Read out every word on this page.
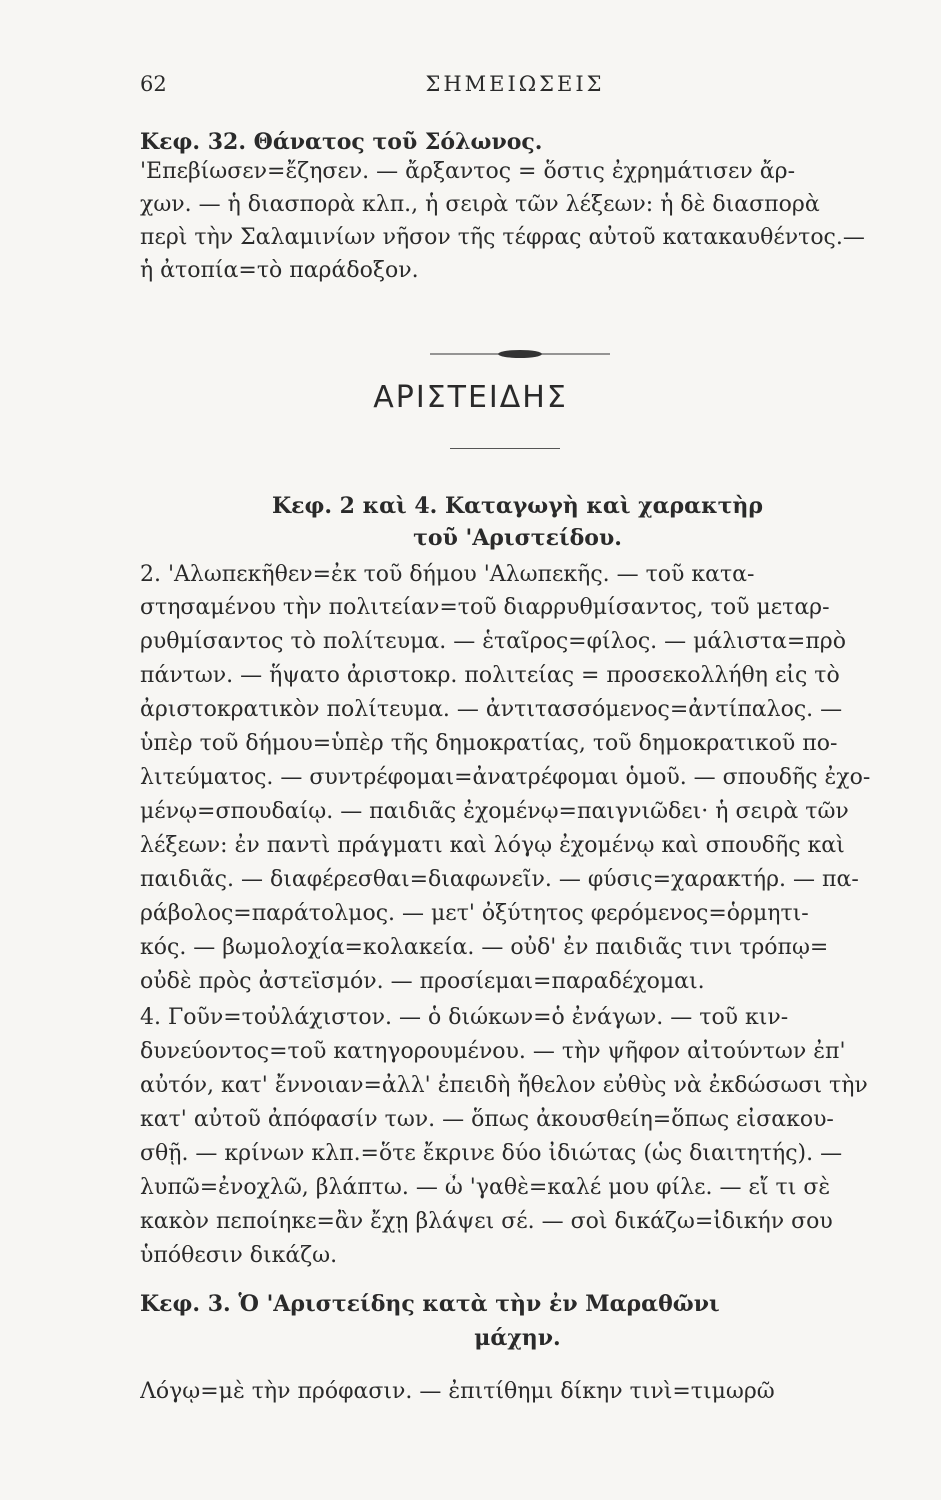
62	ΣΗΜΕΙΩΣΕΙΣ
Κεφ. 32. Θάνατος τοῦ Σόλωνος.
'Επεβίωσεν=ἔζησεν. — ἄρξαντος = ὅστις ἐχρημάτισεν ἄρ-
χων. — ἡ διασπορὰ κλπ., ἡ σειρὰ τῶν λέξεων: ἡ δὲ διασπορὰ
περὶ τὴν Σαλαμινίων νῆσον τῆς τέφρας αὐτοῦ κατακαυθέντος.—
ἡ ἀτοπία=τὸ παράδοξον.
ΑΡΙΣΤΕΙΔΗΣ
Κεφ. 2 καὶ 4. Καταγωγὴ καὶ χαρακτὴρ
τοῦ 'Αριστείδου.
2. 'Αλωπεκῆθεν=ἐκ τοῦ δήμου 'Αλωπεκῆς. — τοῦ κατα-
στησαμένου τὴν πολιτείαν=τοῦ διαρρυθμίσαντος, τοῦ μεταρ-
ρυθμίσαντος τὸ πολίτευμα. — ἑταῖρος=φίλος. — μάλιστα=πρὸ
πάντων. — ἥψατο ἀριστοκρ. πολιτείας = προσεκολλήθη εἰς τὸ
ἀριστοκρατικὸν πολίτευμα. — ἀντιτασσόμενος=ἀντίπαλος. —
ὑπὲρ τοῦ δήμου=ὑπὲρ τῆς δημοκρατίας, τοῦ δημοκρατικοῦ πο-
λιτεύματος. — συντρέφομαι=ἀνατρέφομαι ὁμοῦ. — σπουδῆς ἐχο-
μένῳ=σπουδαίῳ. — παιδιᾶς ἐχομένῳ=παιγνιῶδει· ἡ σειρὰ τῶν
λέξεων: ἐν παντὶ πράγματι καὶ λόγῳ ἐχομένῳ καὶ σπουδῆς καὶ
παιδιᾶς. — διαφέρεσθαι=διαφωνεῖν. — φύσις=χαρακτήρ. — πα-
ράβολος=παράτολμος. — μετ' ὀξύτητος φερόμενος=ὁρμητι-
κός. — βωμολοχία=κολακεία. — οὐδ' ἐν παιδιᾶς τινι τρόπῳ=
οὐδὲ πρὸς ἀστεϊσμόν. — προσίεμαι=παραδέχομαι.
4. Γοῦν=τοὐλάχιστον. — ὁ διώκων=ὁ ἐνάγων. — τοῦ κιν-
δυνεύοντος=τοῦ κατηγορουμένου. — τὴν ψῆφον αἰτούντων ἐπ'
αὐτόν, κατ' ἔννοιαν=ἀλλ' ἐπειδὴ ἤθελον εὐθὺς νὰ ἐκδώσωσι τὴν
κατ' αὐτοῦ ἀπόφασίν των. — ὅπως ἀκουσθείη=ὅπως εἰσακου-
σθῇ. — κρίνων κλπ.=ὅτε ἔκρινε δύο ἰδιώτας (ὡς διαιτητής). —
λυπῶ=ἐνοχλῶ, βλάπτω. — ὦ 'γαθὲ=καλέ μου φίλε. — εἴ τι σὲ
κακὸν πεποίηκε=ἂν ἔχῃ βλάψει σέ. — σοὶ δικάζω=ἰδικήν σου
ὑπόθεσιν δικάζω.
Κεφ. 3. Ὁ 'Αριστείδης κατὰ τὴν ἐν Μαραθῶνι
μάχην.
Λόγῳ=μὲ τὴν πρόφασιν. — ἐπιτίθημι δίκην τινὶ=τιμωρῶ
